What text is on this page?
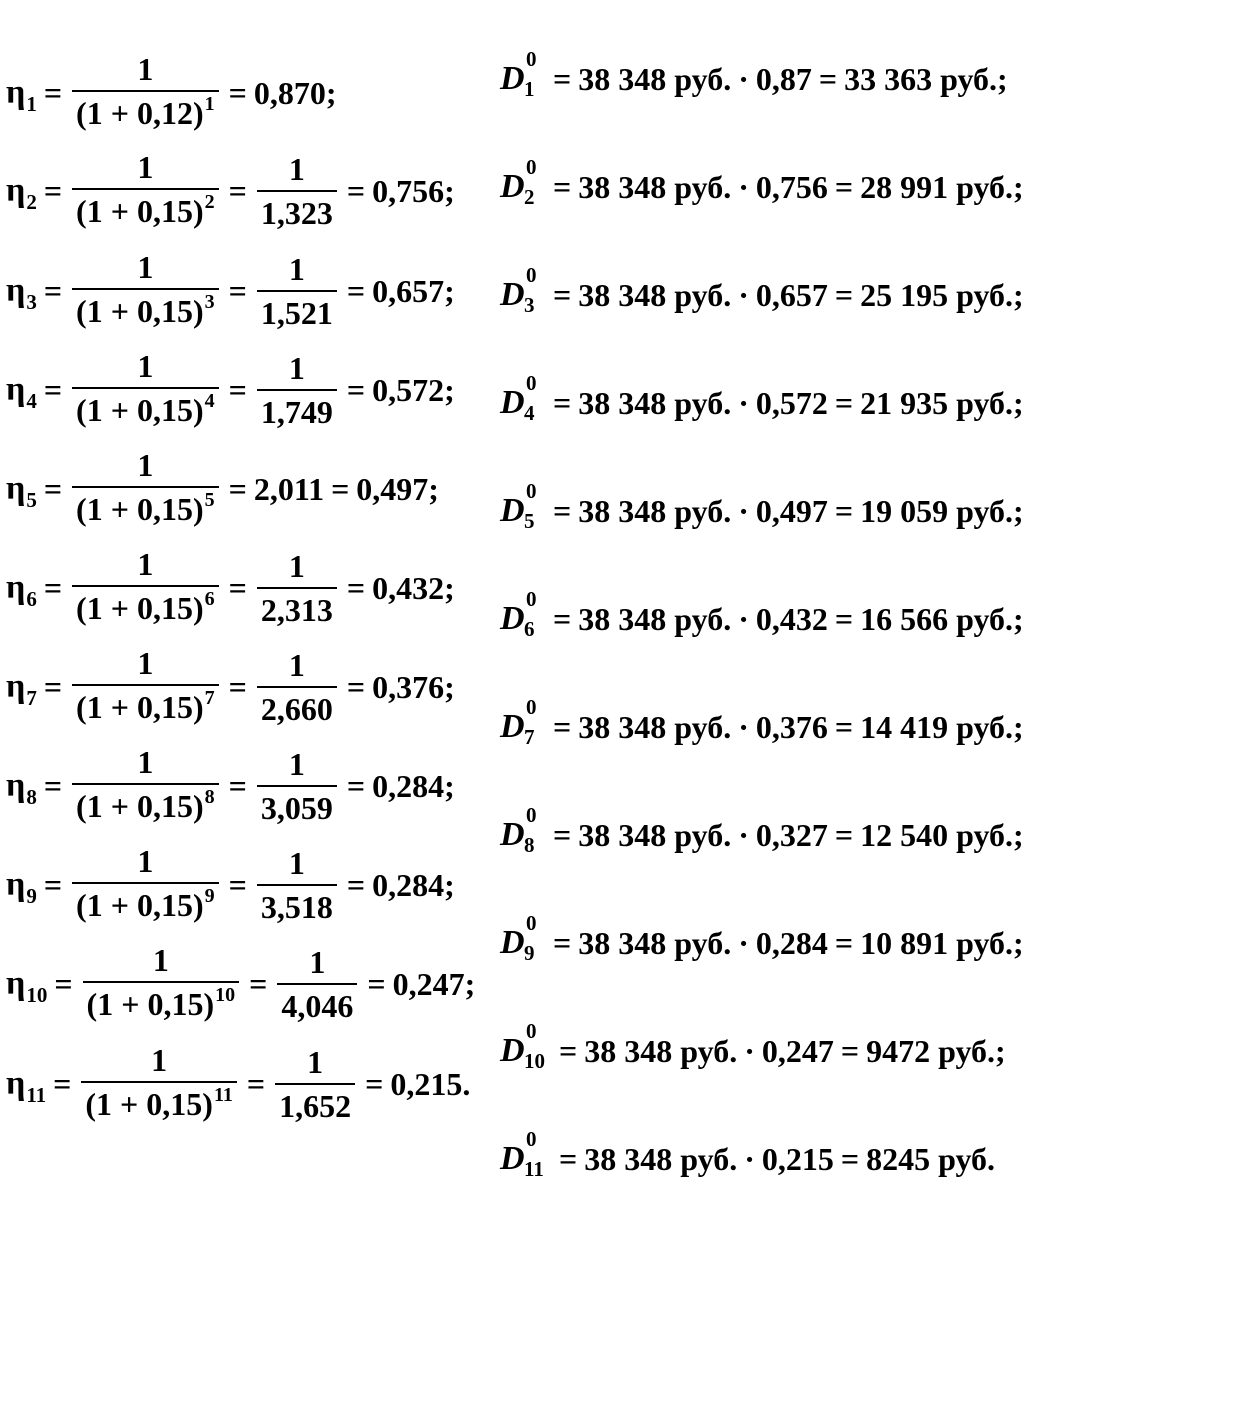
η $1 = \frac{1}{(1 + 0,12) 1} = 0,870$;
η $2 = \frac{1}{(1 + 0,15) 2} = \frac{1}{1,323} = 0,756$;
η $3 = \frac{1}{(1 + 0,15) 3} = \frac{1}{1,521} = 0,657$;
η $4 = \frac{1}{(1 + 0,15) 4} = \frac{1}{1,749} = 0,572$;
η $5 = \frac{1}{(1 + 0,15) 5} = 2,011 = 0,497$;
η $6 = \frac{1}{(1 + 0,15) 6} = \frac{1}{2,313} = 0,432$;
η $7 = \frac{1}{(1 + 0,15) 7} = \frac{1}{2,660} = 0,376$;
η $8 = \frac{1}{(1 + 0,15) 8} = \frac{1}{3,059} = 0,284$;
η $9 = \frac{1}{(1 + 0,15) 9} = \frac{1}{3,518} = 0,284$;
η $10 = \frac{1}{(1 + 0,15) 10} = \frac{1}{4,046} = 0,247$;
η $11 = \frac{1}{(1 + 0,15) 11} = \frac{1}{1,652} = 0,215$.
D
0
1 = 38 348 руб. · 0,87 = 33 363 руб.;
D
0
2 = 38 348 руб. · 0,756 = 28 991 руб.;
D
0
3 = 38 348 руб. · 0,657 = 25 195 руб.;
D
0
4 = 38 348 руб. · 0,572 = 21 935 руб.;
D
0
5 = 38 348 руб. · 0,497 = 19 059 руб.;
D
0
6 = 38 348 руб. · 0,432 = 16 566 руб.;
D
0
7 = 38 348 руб. · 0,376 = 14 419 руб.;
D
0
8 = 38 348 руб. · 0,327 = 12 540 руб.;
D
0
9 = 38 348 руб. · 0,284 = 10 891 руб.;
D
0
10 = 38 348 руб. · 0,247 = 9472 руб.;
D
0
11 = 38 348 руб. · 0,215 = 8245 руб.
